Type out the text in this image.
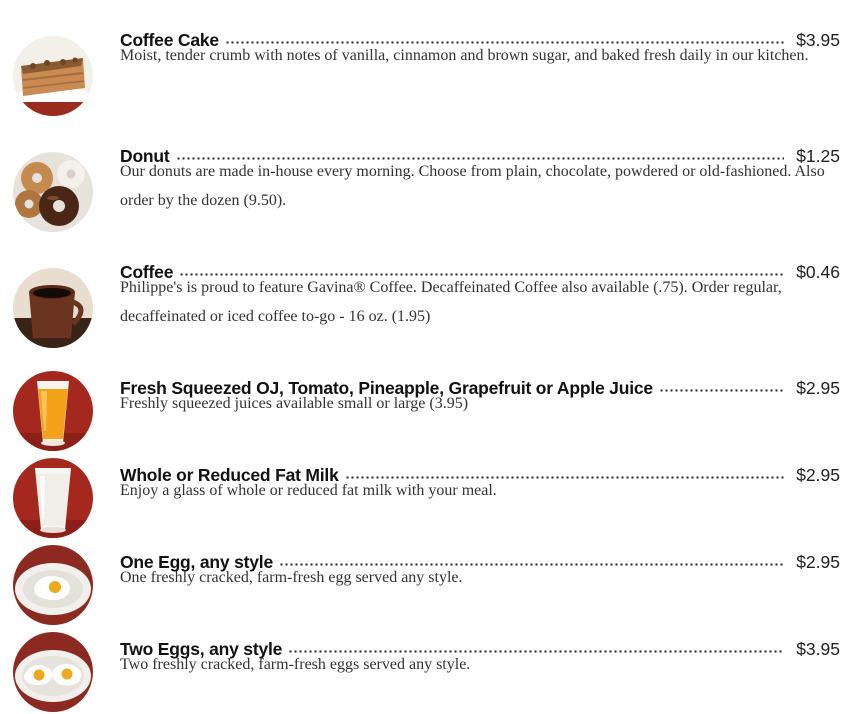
Coffee Cake	$3.95
Moist, tender crumb with notes of vanilla, cinnamon and brown sugar, and baked fresh daily in our kitchen.
Donut	$1.25
Our donuts are made in-house every morning. Choose from plain, chocolate, powdered or old-fashioned. Also order by the dozen (9.50).
Coffee	$0.46
Philippe's is proud to feature Gavina® Coffee. Decaffeinated Coffee also available (.75). Order regular, decaffeinated or iced coffee to-go - 16 oz. (1.95)
Fresh Squeezed OJ, Tomato, Pineapple, Grapefruit or Apple Juice	$2.95
Freshly squeezed juices available small or large (3.95)
Whole or Reduced Fat Milk	$2.95
Enjoy a glass of whole or reduced fat milk with your meal.
One Egg, any style	$2.95
One freshly cracked, farm-fresh egg served any style.
Two Eggs, any style	$3.95
Two freshly cracked, farm-fresh eggs served any style.
